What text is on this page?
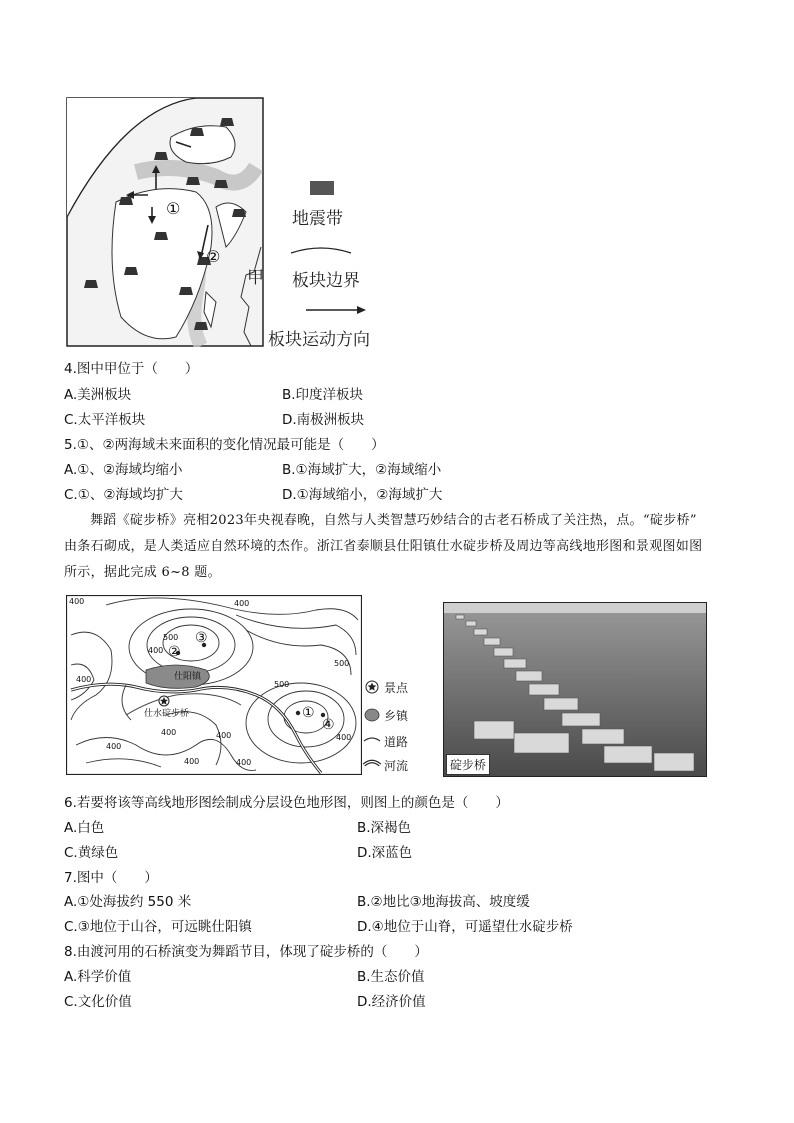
①
②
甲
地震带
板块边界
板块运动方向
4.图中甲位于（　　）
A.美洲板块	B.印度洋板块
C.太平洋板块	D.南极洲板块
5.①、②两海域未来面积的变化情况最可能是（　　）
A.①、②海域均缩小	B.①海域扩大，②海域缩小
C.①、②海域均扩大	D.①海域缩小，②海域扩大
舞蹈《碇步桥》亮相2023年央视春晚，自然与人类智慧巧妙结合的古老石桥成了关注热，点。“碇步桥”
由条石砌成，是人类适应自然环境的杰作。浙江省泰顺县仕阳镇仕水碇步桥及周边等高线地形图和景观图如图
所示，据此完成 6~8 题。
400	400
500
400
400
500
500
400
400
400
400	400
400
①
②
③
④
仕阳镇
仕水碇步桥
景点
乡镇
道路
河流	碇步桥
6.若要将该等高线地形图绘制成分层设色地形图，则图上的颜色是（　　）
A.白色	B.深褐色
C.黄绿色	D.深蓝色
7.图中（　　）
A.①处海拔约 550 米	B.②地比③地海拔高、坡度缓
C.③地位于山谷，可远眺仕阳镇	D.④地位于山脊，可遥望仕水碇步桥
8.由渡河用的石桥演变为舞蹈节目，体现了碇步桥的（　　）
A.科学价值	B.生态价值
C.文化价值	D.经济价值
